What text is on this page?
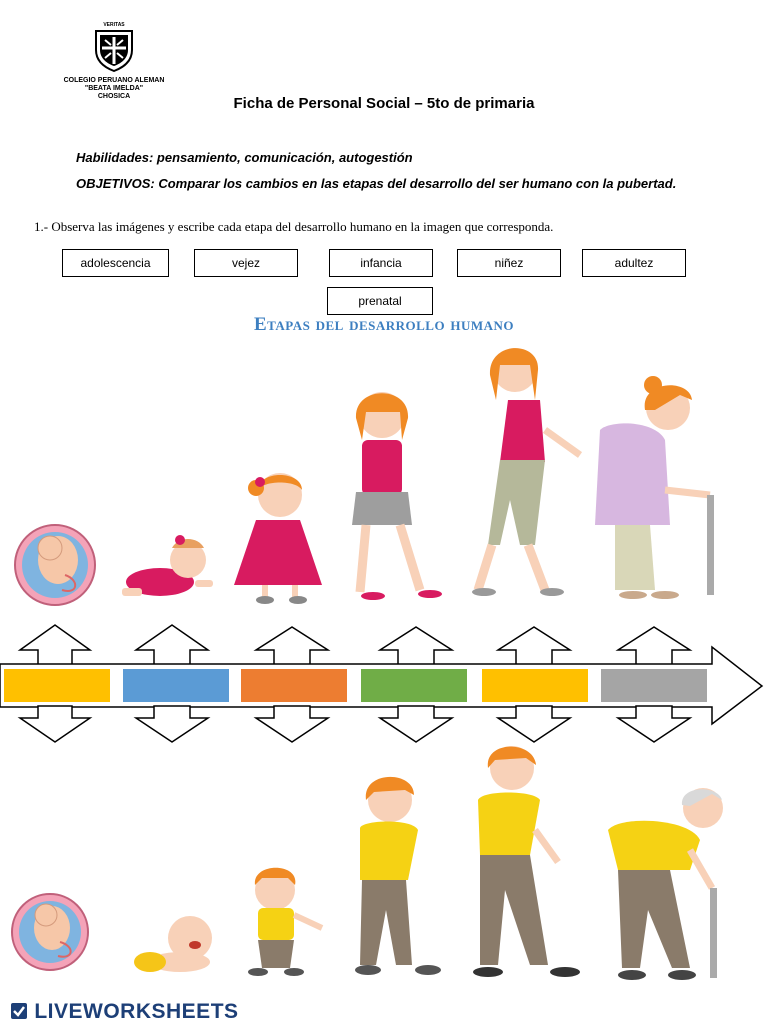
VERITAS
COLEGIO PERUANO ALEMAN
"BEATA IMELDA"
CHOSICA	Ficha de Personal Social – 5to de primaria
Habilidades: pensamiento, comunicación, autogestión
OBJETIVOS: Comparar los cambios en las etapas del desarrollo del ser humano con la pubertad.
1.- Observa las imágenes y escribe cada etapa del desarrollo humano en la imagen que corresponda.
adolescencia	vejez	infancia	niñez	adultez
prenatal
Etapas del desarrollo humano
LIVEWORKSHEETS
